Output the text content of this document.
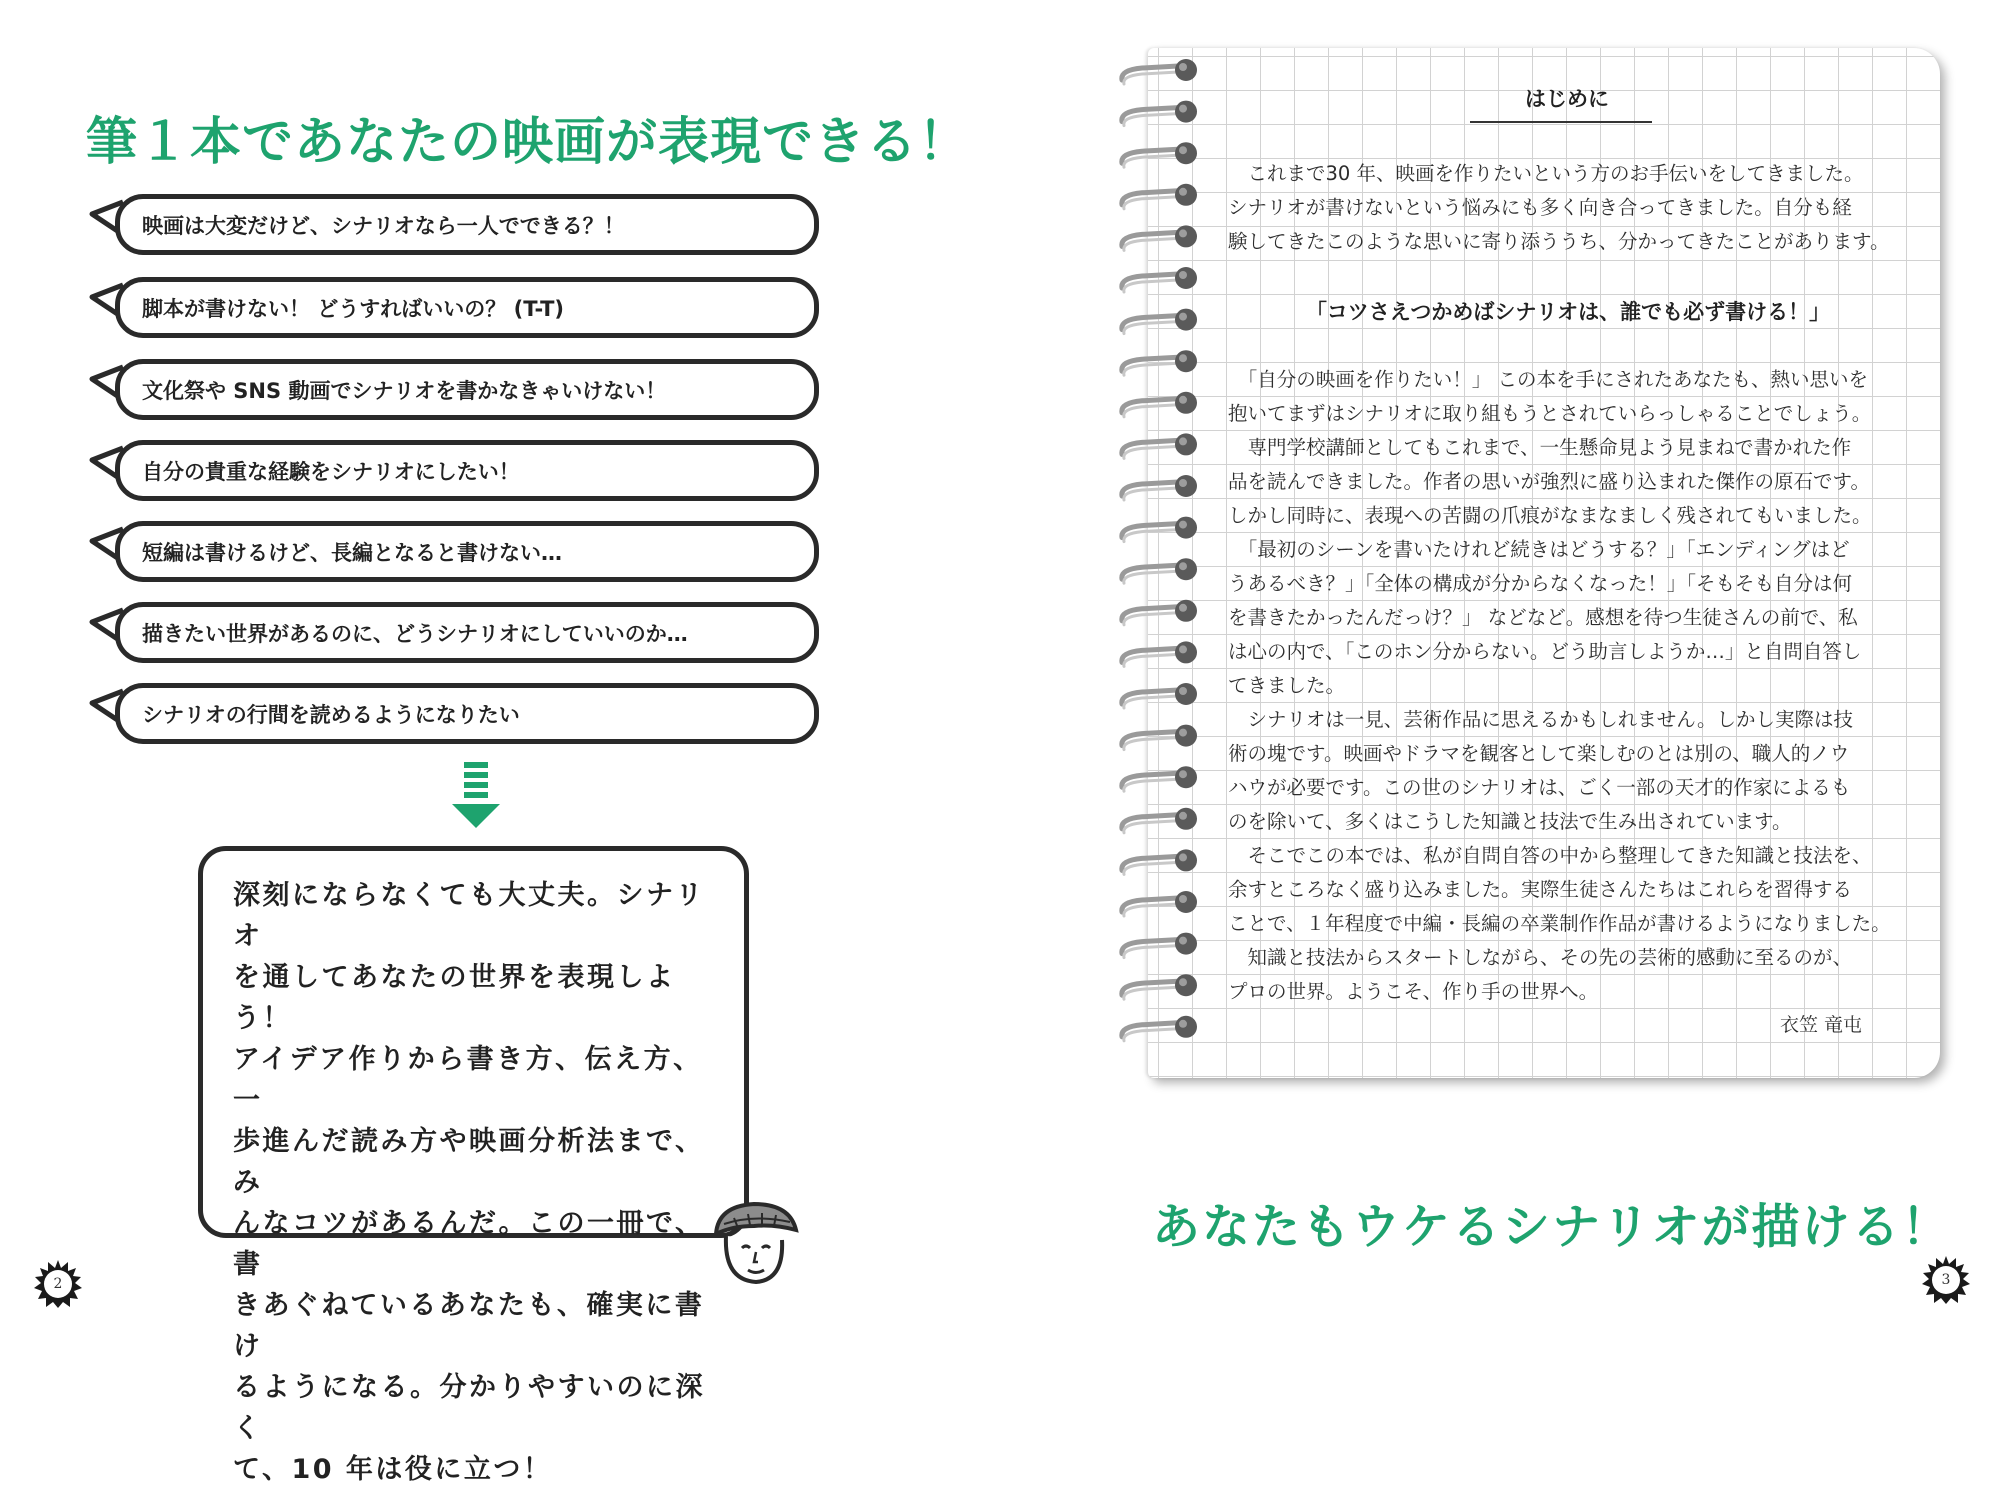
筆１本であなたの映画が表現できる！
映画は大変だけど、シナリオなら一人でできる？！
脚本が書けない！ どうすればいいの？ (T-T)
文化祭や SNS 動画でシナリオを書かなきゃいけない！
自分の貴重な経験をシナリオにしたい！
短編は書けるけど、長編となると書けない…
描きたい世界があるのに、どうシナリオにしていいのか…
シナリオの行間を読めるようになりたい
深刻にならなくても大丈夫。シナリオ
を通してあなたの世界を表現しよう！
アイデア作りから書き方、伝え方、一
歩進んだ読み方や映画分析法まで、み
んなコツがあるんだ。この一冊で、書
きあぐねているあなたも、確実に書け
るようになる。分かりやすいのに深く
て、10 年は役に立つ！
2
はじめに
　これまで30 年、映画を作りたいという方のお手伝いをしてきました。
シナリオが書けないという悩みにも多く向き合ってきました。自分も経
験してきたこのような思いに寄り添ううち、分かってきたことがあります。
「コツさえつかめばシナリオは、誰でも必ず書ける！」
　「自分の映画を作りたい！」 この本を手にされたあなたも、熱い思いを
抱いてまずはシナリオに取り組もうとされていらっしゃることでしょう。
　専門学校講師としてもこれまで、一生懸命見よう見まねで書かれた作
品を読んできました。作者の思いが強烈に盛り込まれた傑作の原石です。
しかし同時に、表現への苦闘の爪痕がなまなましく残されてもいました。
　「最初のシーンを書いたけれど続きはどうする？」「エンディングはど
うあるべき？」「全体の構成が分からなくなった！」「そもそも自分は何
を書きたかったんだっけ？」 などなど。感想を待つ生徒さんの前で、私
は心の内で、「このホン分からない。どう助言しようか…」と自問自答し
てきました。
　シナリオは一見、芸術作品に思えるかもしれません。しかし実際は技
術の塊です。映画やドラマを観客として楽しむのとは別の、職人的ノウ
ハウが必要です。この世のシナリオは、ごく一部の天才的作家によるも
のを除いて、多くはこうした知識と技法で生み出されています。
　そこでこの本では、私が自問自答の中から整理してきた知識と技法を、
余すところなく盛り込みました。実際生徒さんたちはこれらを習得する
ことで、１年程度で中編・長編の卒業制作作品が書けるようになりました。
　知識と技法からスタートしながら、その先の芸術的感動に至るのが、
プロの世界。ようこそ、作り手の世界へ。
衣笠 竜屯
あなたもウケるシナリオが描ける！
3
